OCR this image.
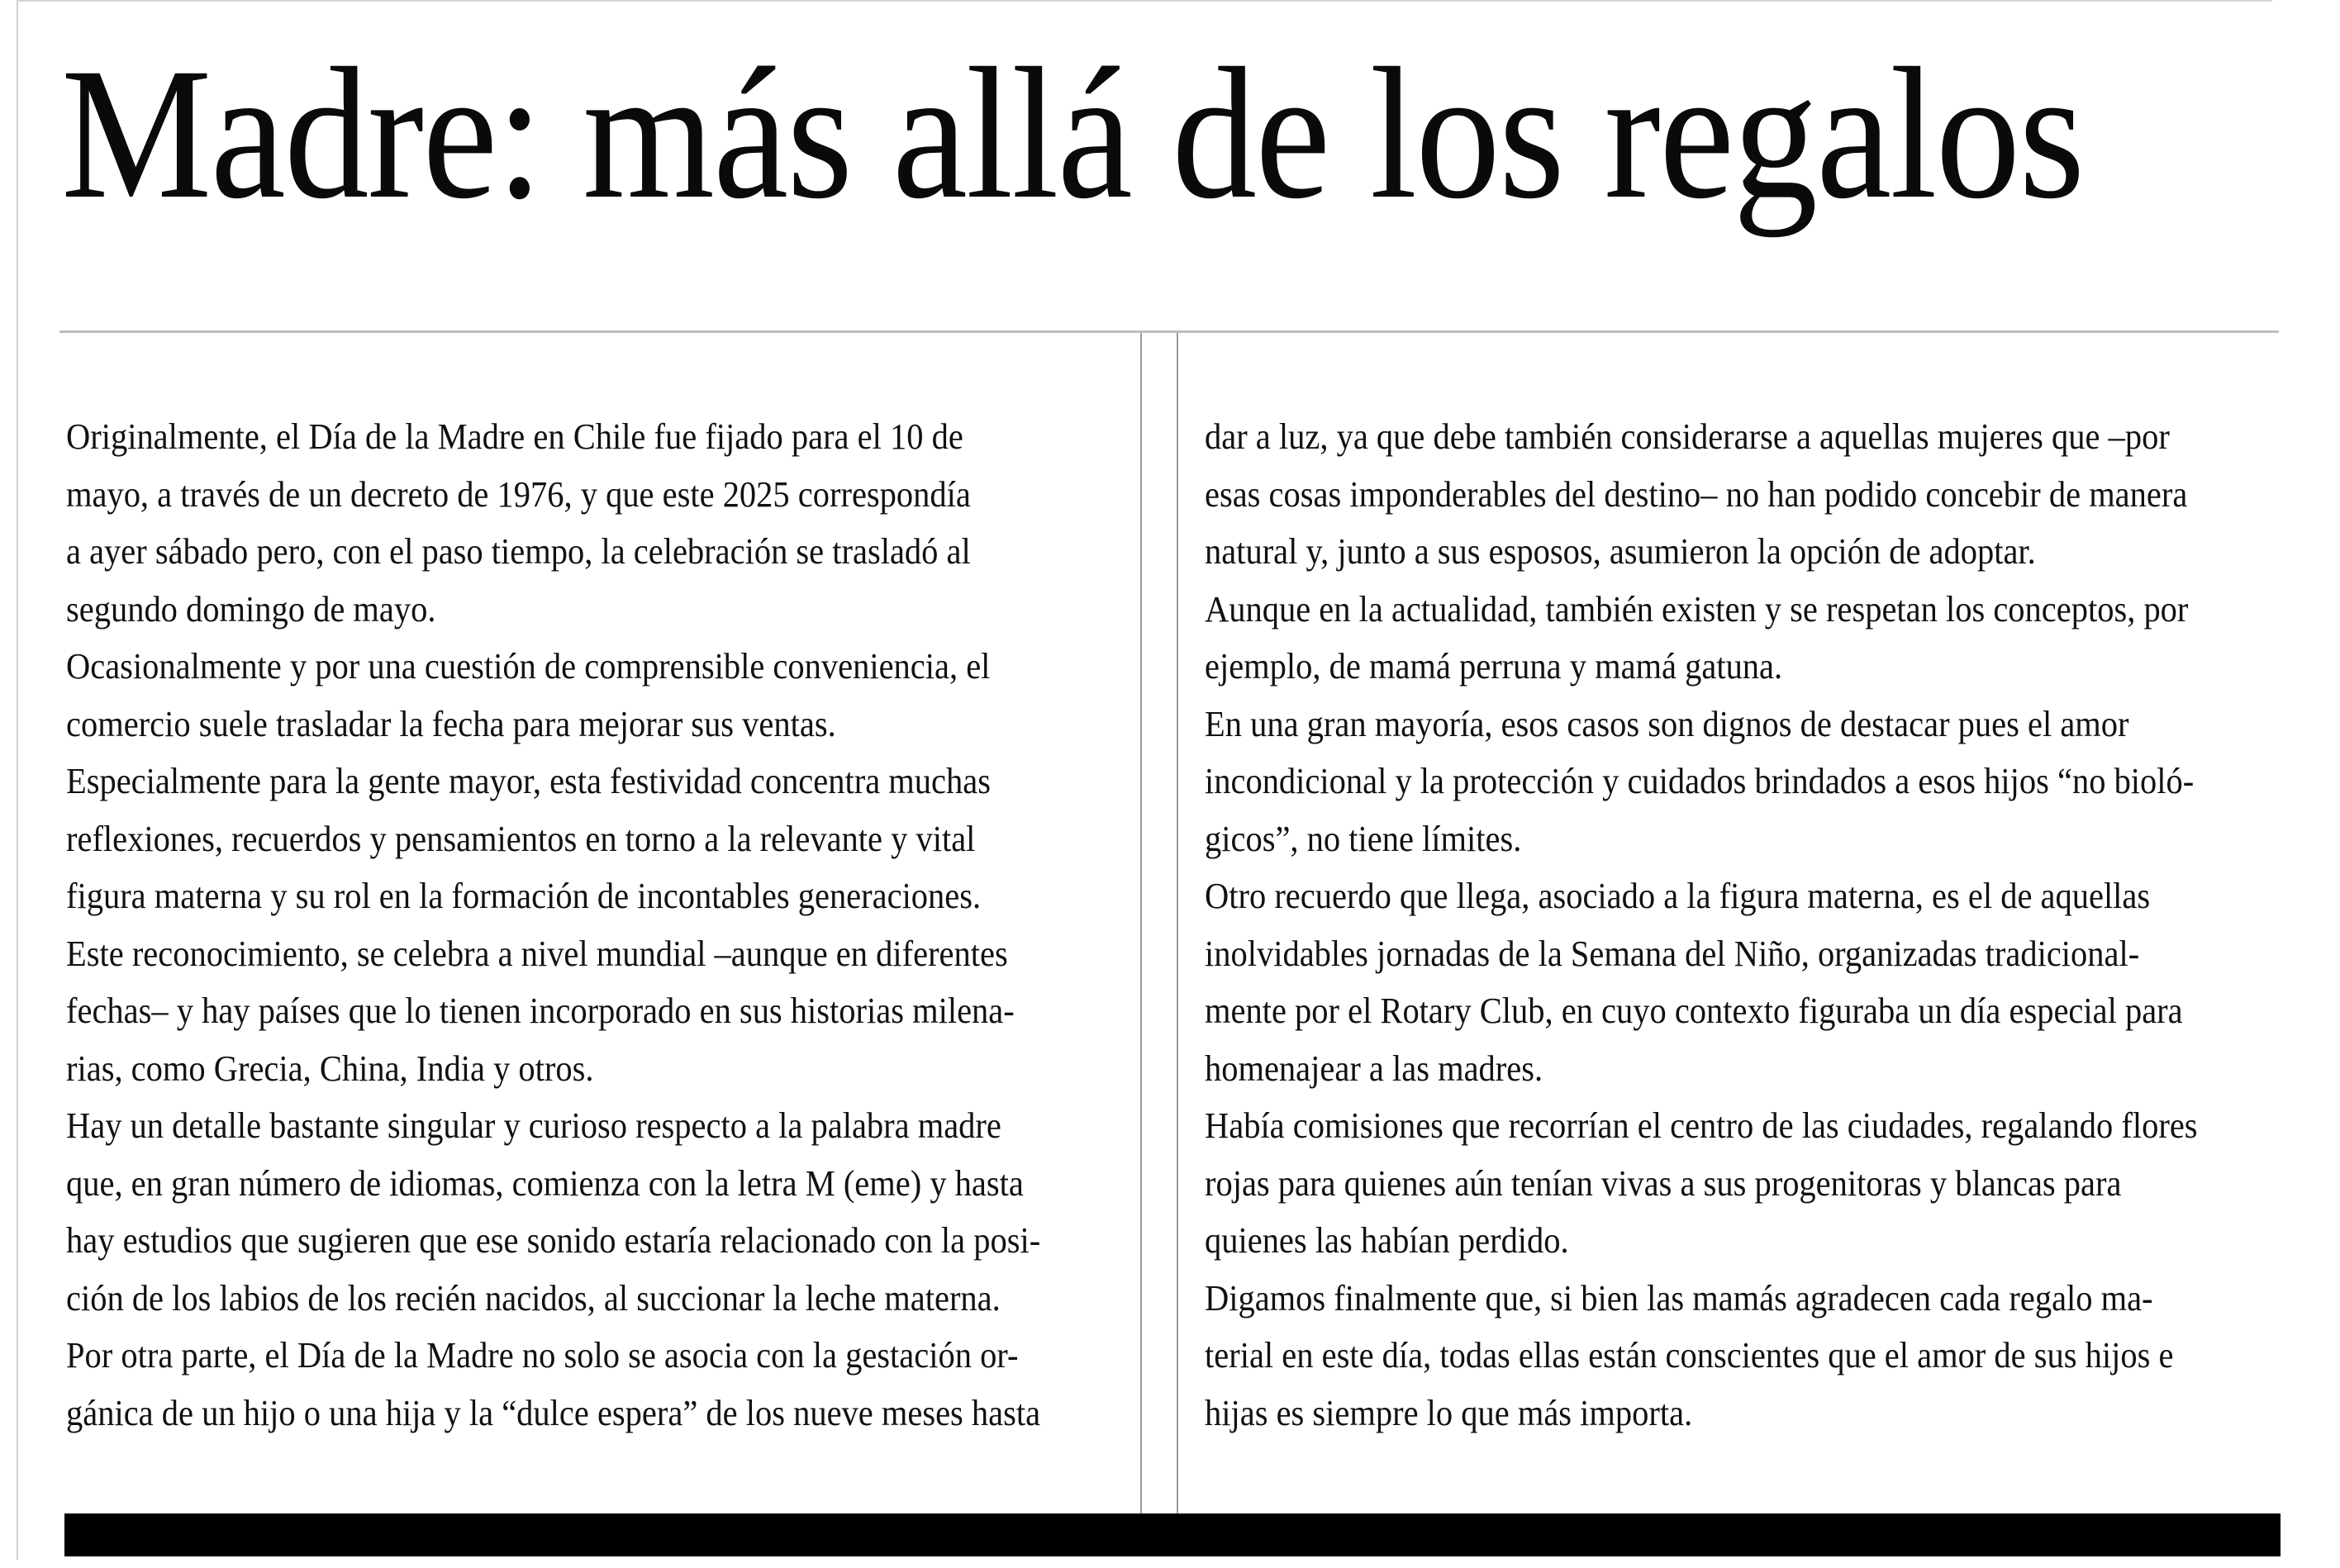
Madre: más allá de los regalos
Originalmente, el Día de la Madre en Chile fue fijado para el 10 de
mayo, a través de un decreto de 1976, y que este 2025 correspondía
a ayer sábado pero, con el paso tiempo, la celebración se trasladó al
segundo domingo de mayo.
Ocasionalmente y por una cuestión de comprensible conveniencia, el
comercio suele trasladar la fecha para mejorar sus ventas.
Especialmente para la gente mayor, esta festividad concentra muchas
reflexiones, recuerdos y pensamientos en torno a la relevante y vital
figura materna y su rol en la formación de incontables generaciones.
Este reconocimiento, se celebra a nivel mundial –aunque en diferentes
fechas– y hay países que lo tienen incorporado en sus historias milena-
rias, como Grecia, China, India y otros.
Hay un detalle bastante singular y curioso respecto a la palabra madre
que, en gran número de idiomas, comienza con la letra M (eme) y hasta
hay estudios que sugieren que ese sonido estaría relacionado con la posi-
ción de los labios de los recién nacidos, al succionar la leche materna.
Por otra parte, el Día de la Madre no solo se asocia con la gestación or-
gánica de un hijo o una hija y la “dulce espera” de los nueve meses hasta
dar a luz, ya que debe también considerarse a aquellas mujeres que –por
esas cosas imponderables del destino– no han podido concebir de manera
natural y, junto a sus esposos, asumieron la opción de adoptar.
Aunque en la actualidad, también existen y se respetan los conceptos, por
ejemplo, de mamá perruna y mamá gatuna.
En una gran mayoría, esos casos son dignos de destacar pues el amor
incondicional y la protección y cuidados brindados a esos hijos “no bioló-
gicos”, no tiene límites.
Otro recuerdo que llega, asociado a la figura materna, es el de aquellas
inolvidables jornadas de la Semana del Niño, organizadas tradicional-
mente por el Rotary Club, en cuyo contexto figuraba un día especial para
homenajear a las madres.
Había comisiones que recorrían el centro de las ciudades, regalando flores
rojas para quienes aún tenían vivas a sus progenitoras y blancas para
quienes las habían perdido.
Digamos finalmente que, si bien las mamás agradecen cada regalo ma-
terial en este día, todas ellas están conscientes que el amor de sus hijos e
hijas es siempre lo que más importa.
